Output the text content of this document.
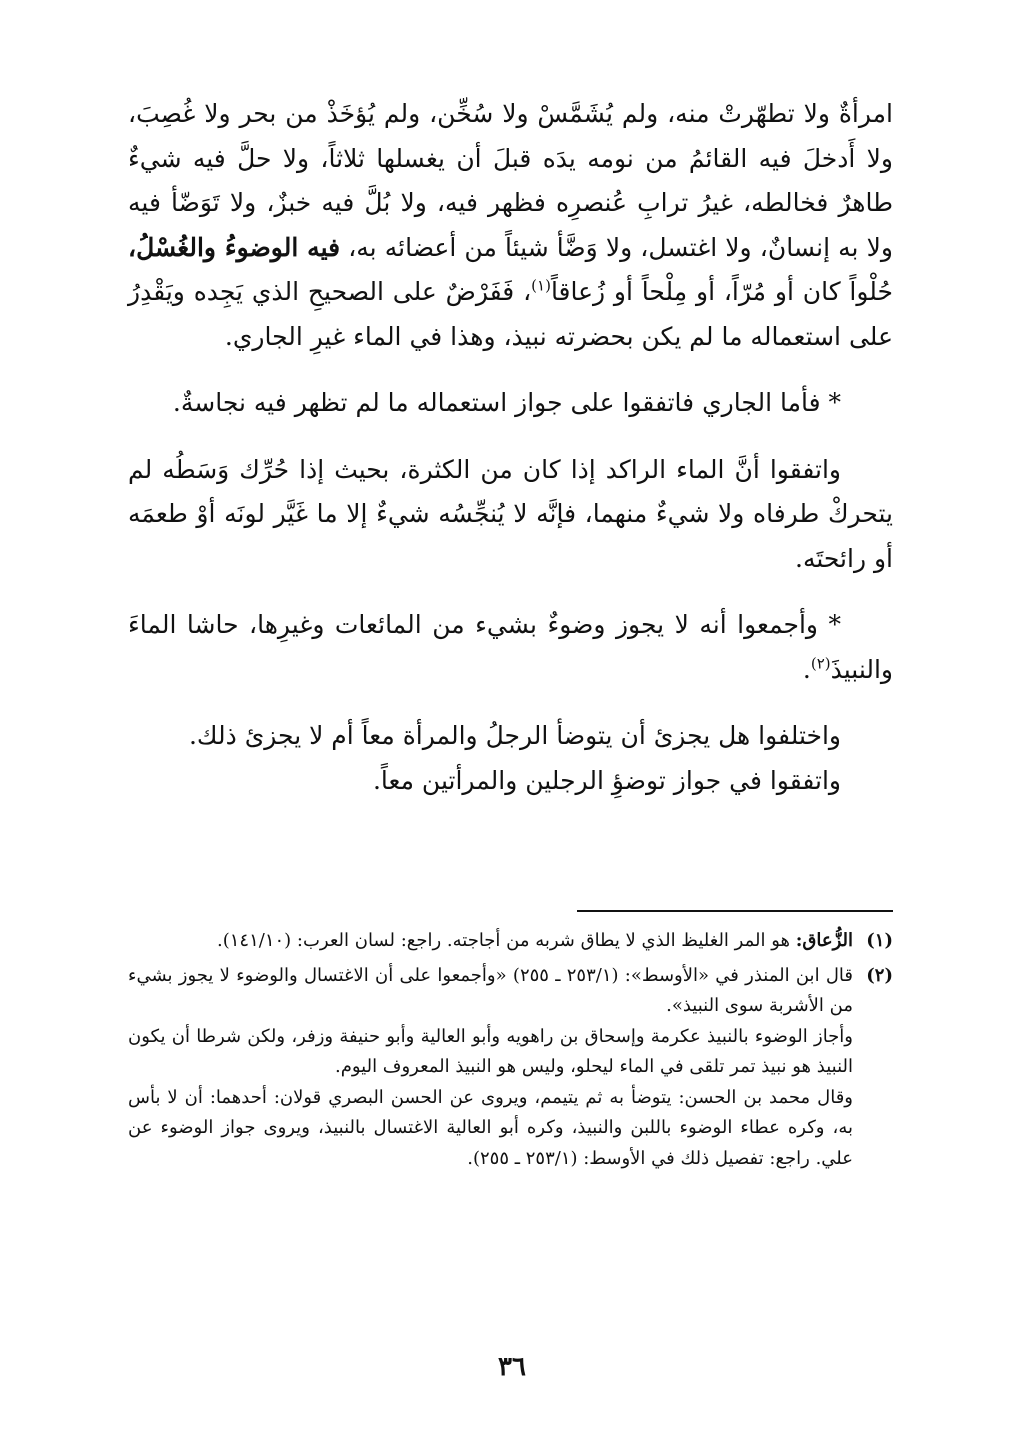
امرأةٌ ولا تطهّرتْ منه، ولم يُشَمَّسْ ولا سُخِّن، ولم يُؤخَذْ من بحر ولا غُصِبَ، ولا أَدخلَ فيه القائمُ من نومه يدَه قبلَ أن يغسلها ثلاثاً، ولا حلَّ فيه شيءٌ طاهرٌ فخالطه، غيرُ ترابِ عُنصرِه فظهر فيه، ولا بُلَّ فيه خبزٌ، ولا تَوَضّأ فيه ولا به إنسانٌ، ولا اغتسل، ولا وَضَّأ شيئاً من أعضائه به، فيه الوضوءُ والغُسْلُ، حُلْواً كان أو مُرّاً، أو مِلْحاً أو زُعاقاً$^{(١)}$، فَفَرْضٌ على الصحيحِ الذي يَجِده ويَقْدِرُ على استعماله ما لم يكن بحضرته نبيذ، وهذا في الماء غيرِ الجاري.

* فأما الجاري فاتفقوا على جواز استعماله ما لم تظهر فيه نجاسةٌ.

واتفقوا أنَّ الماء الراكد إذا كان من الكثرة، بحيث إذا حُرِّك وَسَطُه لم يتحركْ طرفاه ولا شيءٌ منهما، فإنَّه لا يُنجِّسُه شيءٌ إلا ما غَيَّر لونَه أوْ طعمَه أو رائحتَه.

* وأجمعوا أنه لا يجوز وضوءٌ بشيء من المائعات وغيرِها، حاشا الماءَ والنبيذَ$^{(٢)}$.

واختلفوا هل يجزئ أن يتوضأ الرجلُ والمرأة معاً أم لا يجزئ ذلك.

واتفقوا في جواز توضؤِ الرجلين والمرأتين معاً.

(١)

الزُّعاق: هو المر الغليظ الذي لا يطاق شربه من أجاجته. راجع: لسان العرب: (١٤١/١٠).

(٢)

قال ابن المنذر في «الأوسط»: (٢٥٣/١ ـ ٢٥٥) «وأجمعوا على أن الاغتسال والوضوء لا يجوز بشيء من الأشربة سوى النبيذ».

وأجاز الوضوء بالنبيذ عكرمة وإسحاق بن راهويه وأبو العالية وأبو حنيفة وزفر، ولكن شرطا أن يكون النبيذ هو نبيذ تمر تلقى في الماء ليحلو، وليس هو النبيذ المعروف اليوم.

وقال محمد بن الحسن: يتوضأ به ثم يتيمم، ويروى عن الحسن البصري قولان: أحدهما: أن لا بأس به، وكره عطاء الوضوء باللبن والنبيذ، وكره أبو العالية الاغتسال بالنبيذ، ويروى جواز الوضوء عن علي. راجع: تفصيل ذلك في الأوسط: (٢٥٣/١ ـ ٢٥٥).

٣٦
